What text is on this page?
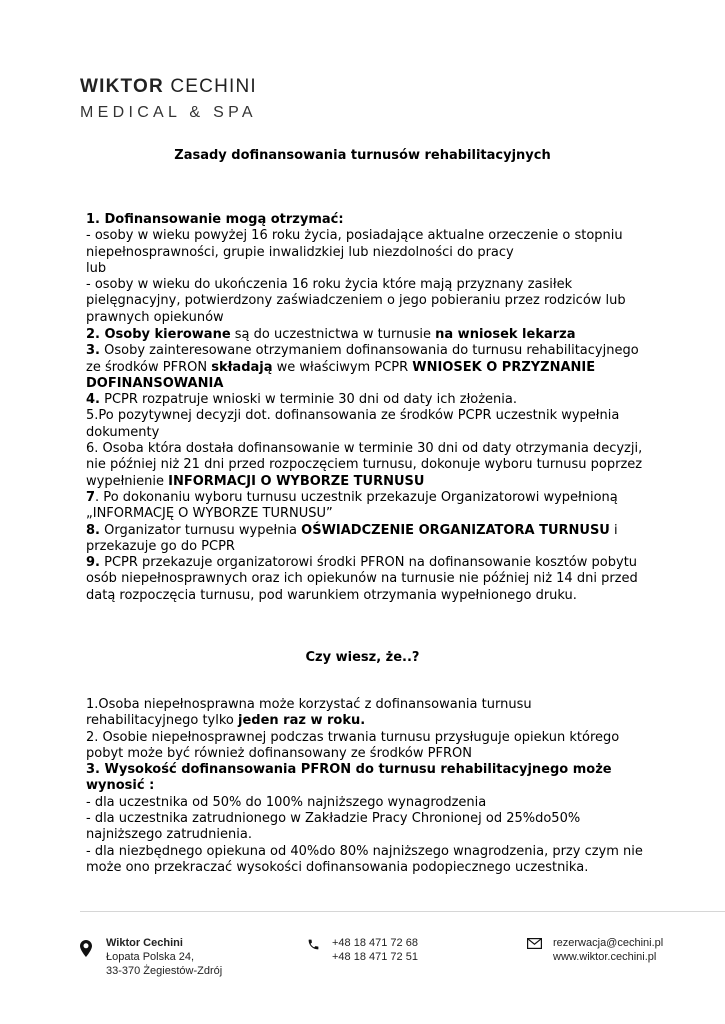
WIKTOR CECHINI
MEDICAL & SPA
Zasady dofinansowania turnusów rehabilitacyjnych

1. Dofinansowanie mogą otrzymać:

- osoby w wieku powyżej 16 roku życia, posiadające aktualne orzeczenie o stopniu niepełnosprawności, grupie inwalidzkiej lub niezdolności do pracy

lub

- osoby w wieku do ukończenia 16 roku życia które mają przyznany zasiłek pielęgnacyjny, potwierdzony zaświadczeniem o jego pobieraniu przez rodziców lub prawnych opiekunów

2. Osoby kierowane są do uczestnictwa w turnusie na wniosek lekarza

3. Osoby zainteresowane otrzymaniem dofinansowania do turnusu rehabilitacyjnego ze środków PFRON składają we właściwym PCPR WNIOSEK O PRZYZNANIE DOFINANSOWANIA

4. PCPR rozpatruje wnioski w terminie 30 dni od daty ich złożenia.

5.Po pozytywnej decyzji dot. dofinansowania ze środków PCPR uczestnik wypełnia dokumenty

6. Osoba która dostała dofinansowanie w terminie 30 dni od daty otrzymania decyzji, nie później niż 21 dni przed rozpoczęciem turnusu, dokonuje wyboru turnusu poprzez wypełnienie INFORMACJI O WYBORZE TURNUSU

7. Po dokonaniu wyboru turnusu uczestnik przekazuje Organizatorowi wypełnioną „INFORMACJĘ O WYBORZE TURNUSU”

8. Organizator turnusu wypełnia OŚWIADCZENIE ORGANIZATORA TURNUSU i przekazuje go do PCPR

9. PCPR przekazuje organizatorowi środki PFRON na dofinansowanie kosztów pobytu osób niepełnosprawnych oraz ich opiekunów na turnusie nie później niż 14 dni przed datą rozpoczęcia turnusu, pod warunkiem otrzymania wypełnionego druku.

Czy wiesz, że..?

1.Osoba niepełnosprawna może korzystać z dofinansowania turnusu rehabilitacyjnego tylko jeden raz w roku.

2. Osobie niepełnosprawnej podczas trwania turnusu przysługuje opiekun którego pobyt może być również dofinansowany ze środków PFRON

3. Wysokość dofinansowania PFRON do turnusu rehabilitacyjnego może wynosić :

- dla uczestnika od 50% do 100% najniższego wynagrodzenia

- dla uczestnika zatrudnionego w Zakładzie Pracy Chronionej od 25%do50% najniższego zatrudnienia.

- dla niezbędnego opiekuna od 40%do 80% najniższego wnagrodzenia, przy czym nie może ono przekraczać wysokości dofinansowania podopiecznego uczestnika.

Wiktor Cechini
Łopata Polska 24,
33-370 Żegiestów-Zdrój
+48 18 471 72 68
+48 18 471 72 51
rezerwacja@cechini.pl
www.wiktor.cechini.pl
